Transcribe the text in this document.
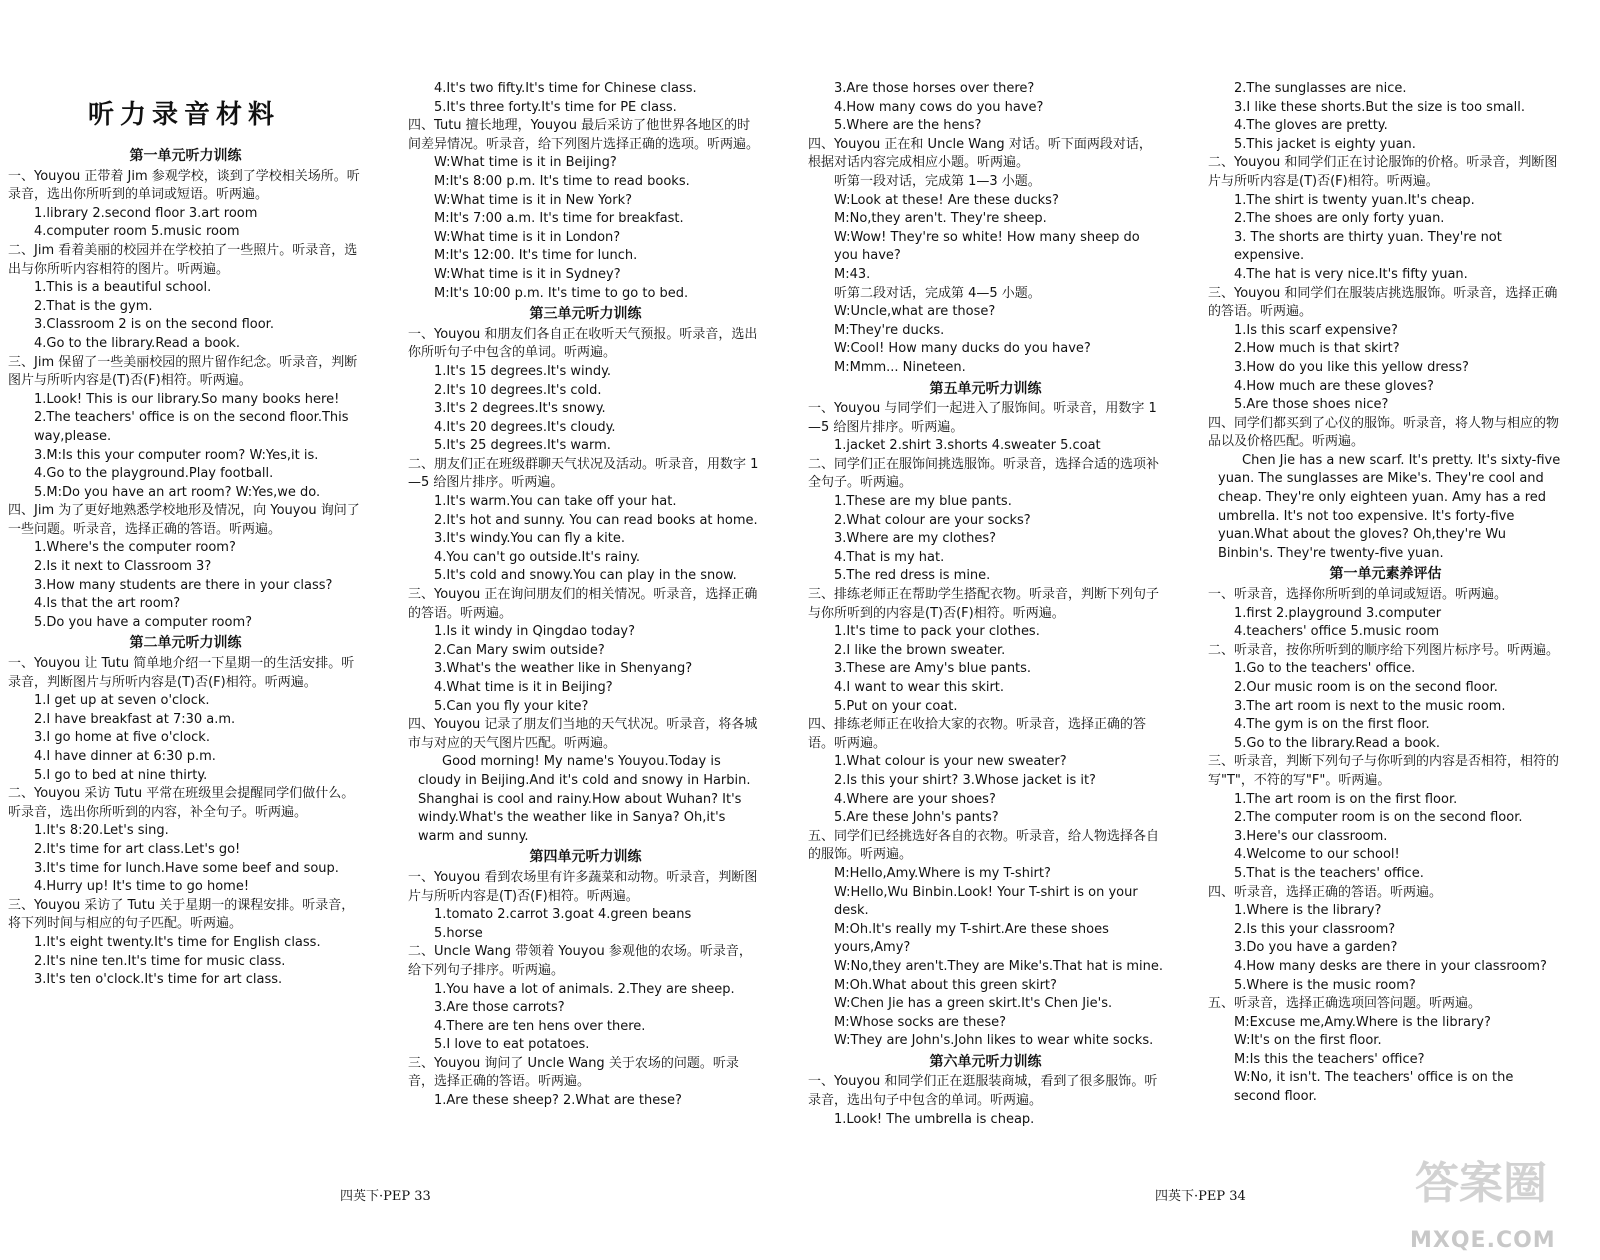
听力录音材料
第一单元听力训练
一、Youyou 正带着 Jim 参观学校，谈到了学校相关场所。听录音，选出你所听到的单词或短语。听两遍。
1.library 2.second floor 3.art room
4.computer room 5.music room
二、Jim 看着美丽的校园并在学校拍了一些照片。听录音，选出与你所听内容相符的图片。听两遍。
1.This is a beautiful school.
2.That is the gym.
3.Classroom 2 is on the second floor.
4.Go to the library.Read a book.
三、Jim 保留了一些美丽校园的照片留作纪念。听录音，判断图片与所听内容是(T)否(F)相符。听两遍。
1.Look! This is our library.So many books here!
2.The teachers' office is on the second floor.This way,please.
3.M:Is this your computer room? W:Yes,it is.
4.Go to the playground.Play football.
5.M:Do you have an art room? W:Yes,we do.
四、Jim 为了更好地熟悉学校地形及情况，向 Youyou 询问了一些问题。听录音，选择正确的答语。听两遍。
1.Where's the computer room?
2.Is it next to Classroom 3?
3.How many students are there in your class?
4.Is that the art room?
5.Do you have a computer room?
第二单元听力训练
一、Youyou 让 Tutu 简单地介绍一下星期一的生活安排。听录音，判断图片与所听内容是(T)否(F)相符。听两遍。
1.I get up at seven o'clock.
2.I have breakfast at 7:30 a.m.
3.I go home at five o'clock.
4.I have dinner at 6:30 p.m.
5.I go to bed at nine thirty.
二、Youyou 采访 Tutu 平常在班级里会提醒同学们做什么。听录音，选出你所听到的内容，补全句子。听两遍。
1.It's 8:20.Let's sing.
2.It's time for art class.Let's go!
3.It's time for lunch.Have some beef and soup.
4.Hurry up! It's time to go home!
三、Youyou 采访了 Tutu 关于星期一的课程安排。听录音，将下列时间与相应的句子匹配。听两遍。
1.It's eight twenty.It's time for English class.
2.It's nine ten.It's time for music class.
3.It's ten o'clock.It's time for art class.
4.It's two fifty.It's time for Chinese class.
5.It's three forty.It's time for PE class.
四、Tutu 擅长地理，Youyou 最后采访了他世界各地区的时间差异情况。听录音，给下列图片选择正确的选项。听两遍。
W:What time is it in Beijing?
M:It's 8:00 p.m. It's time to read books.
W:What time is it in New York?
M:It's 7:00 a.m. It's time for breakfast.
W:What time is it in London?
M:It's 12:00. It's time for lunch.
W:What time is it in Sydney?
M:It's 10:00 p.m. It's time to go to bed.
第三单元听力训练
一、Youyou 和朋友们各自正在收听天气预报。听录音，选出你所听句子中包含的单词。听两遍。
1.It's 15 degrees.It's windy.
2.It's 10 degrees.It's cold.
3.It's 2 degrees.It's snowy.
4.It's 20 degrees.It's cloudy.
5.It's 25 degrees.It's warm.
二、朋友们正在班级群聊天气状况及活动。听录音，用数字 1—5 给图片排序。听两遍。
1.It's warm.You can take off your hat.
2.It's hot and sunny. You can read books at home.
3.It's windy.You can fly a kite.
4.You can't go outside.It's rainy.
5.It's cold and snowy.You can play in the snow.
三、Youyou 正在询问朋友们的相关情况。听录音，选择正确的答语。听两遍。
1.Is it windy in Qingdao today?
2.Can Mary swim outside?
3.What's the weather like in Shenyang?
4.What time is it in Beijing?
5.Can you fly your kite?
四、Youyou 记录了朋友们当地的天气状况。听录音，将各城市与对应的天气图片匹配。听两遍。
Good morning! My name's Youyou.Today is cloudy in Beijing.And it's cold and snowy in Harbin. Shanghai is cool and rainy.How about Wuhan? It's windy.What's the weather like in Sanya? Oh,it's warm and sunny.
第四单元听力训练
一、Youyou 看到农场里有许多蔬菜和动物。听录音，判断图片与所听内容是(T)否(F)相符。听两遍。
1.tomato 2.carrot 3.goat 4.green beans
5.horse
二、Uncle Wang 带领着 Youyou 参观他的农场。听录音，给下列句子排序。听两遍。
1.You have a lot of animals. 2.They are sheep.
3.Are those carrots?
4.There are ten hens over there.
5.I love to eat potatoes.
三、Youyou 询问了 Uncle Wang 关于农场的问题。听录音，选择正确的答语。听两遍。
1.Are these sheep? 2.What are these?
3.Are those horses over there?
4.How many cows do you have?
5.Where are the hens?
四、Youyou 正在和 Uncle Wang 对话。听下面两段对话，根据对话内容完成相应小题。听两遍。
听第一段对话，完成第 1—3 小题。
W:Look at these! Are these ducks?
M:No,they aren't. They're sheep.
W:Wow! They're so white! How many sheep do you have?
M:43.
听第二段对话，完成第 4—5 小题。
W:Uncle,what are those?
M:They're ducks.
W:Cool! How many ducks do you have?
M:Mmm... Nineteen.
第五单元听力训练
一、Youyou 与同学们一起进入了服饰间。听录音，用数字 1—5 给图片排序。听两遍。
1.jacket 2.shirt 3.shorts 4.sweater 5.coat
二、同学们正在服饰间挑选服饰。听录音，选择合适的选项补全句子。听两遍。
1.These are my blue pants.
2.What colour are your socks?
3.Where are my clothes?
4.That is my hat.
5.The red dress is mine.
三、排练老师正在帮助学生搭配衣物。听录音，判断下列句子与你所听到的内容是(T)否(F)相符。听两遍。
1.It's time to pack your clothes.
2.I like the brown sweater.
3.These are Amy's blue pants.
4.I want to wear this skirt.
5.Put on your coat.
四、排练老师正在收拾大家的衣物。听录音，选择正确的答语。听两遍。
1.What colour is your new sweater?
2.Is this your shirt? 3.Whose jacket is it?
4.Where are your shoes?
5.Are these John's pants?
五、同学们已经挑选好各自的衣物。听录音，给人物选择各自的服饰。听两遍。
M:Hello,Amy.Where is my T-shirt?
W:Hello,Wu Binbin.Look! Your T-shirt is on your desk.
M:Oh.It's really my T-shirt.Are these shoes yours,Amy?
W:No,they aren't.They are Mike's.That hat is mine.
M:Oh.What about this green skirt?
W:Chen Jie has a green skirt.It's Chen Jie's.
M:Whose socks are these?
W:They are John's.John likes to wear white socks.
第六单元听力训练
一、Youyou 和同学们正在逛服装商城，看到了很多服饰。听录音，选出句子中包含的单词。听两遍。
1.Look! The umbrella is cheap.
2.The sunglasses are nice.
3.I like these shorts.But the size is too small.
4.The gloves are pretty.
5.This jacket is eighty yuan.
二、Youyou 和同学们正在讨论服饰的价格。听录音，判断图片与所听内容是(T)否(F)相符。听两遍。
1.The shirt is twenty yuan.It's cheap.
2.The shoes are only forty yuan.
3. The shorts are thirty yuan. They're not expensive.
4.The hat is very nice.It's fifty yuan.
三、Youyou 和同学们在服装店挑选服饰。听录音，选择正确的答语。听两遍。
1.Is this scarf expensive?
2.How much is that skirt?
3.How do you like this yellow dress?
4.How much are these gloves?
5.Are those shoes nice?
四、同学们都买到了心仪的服饰。听录音，将人物与相应的物品以及价格匹配。听两遍。
Chen Jie has a new scarf. It's pretty. It's sixty-five yuan. The sunglasses are Mike's. They're cool and cheap. They're only eighteen yuan. Amy has a red umbrella. It's not too expensive. It's forty-five yuan.What about the gloves? Oh,they're Wu Binbin's. They're twenty-five yuan.
第一单元素养评估
一、听录音，选择你所听到的单词或短语。听两遍。
1.first 2.playground 3.computer
4.teachers' office 5.music room
二、听录音，按你所听到的顺序给下列图片标序号。听两遍。
1.Go to the teachers' office.
2.Our music room is on the second floor.
3.The art room is next to the music room.
4.The gym is on the first floor.
5.Go to the library.Read a book.
三、听录音，判断下列句子与你听到的内容是否相符，相符的写"T"，不符的写"F"。听两遍。
1.The art room is on the first floor.
2.The computer room is on the second floor.
3.Here's our classroom.
4.Welcome to our school!
5.That is the teachers' office.
四、听录音，选择正确的答语。听两遍。
1.Where is the library?
2.Is this your classroom?
3.Do you have a garden?
4.How many desks are there in your classroom?
5.Where is the music room?
五、听录音，选择正确选项回答问题。听两遍。
M:Excuse me,Amy.Where is the library?
W:It's on the first floor.
M:Is this the teachers' office?
W:No, it isn't. The teachers' office is on the second floor.
四英下·PEP 33	四英下·PEP 34	答案圈
MXQE.COM
